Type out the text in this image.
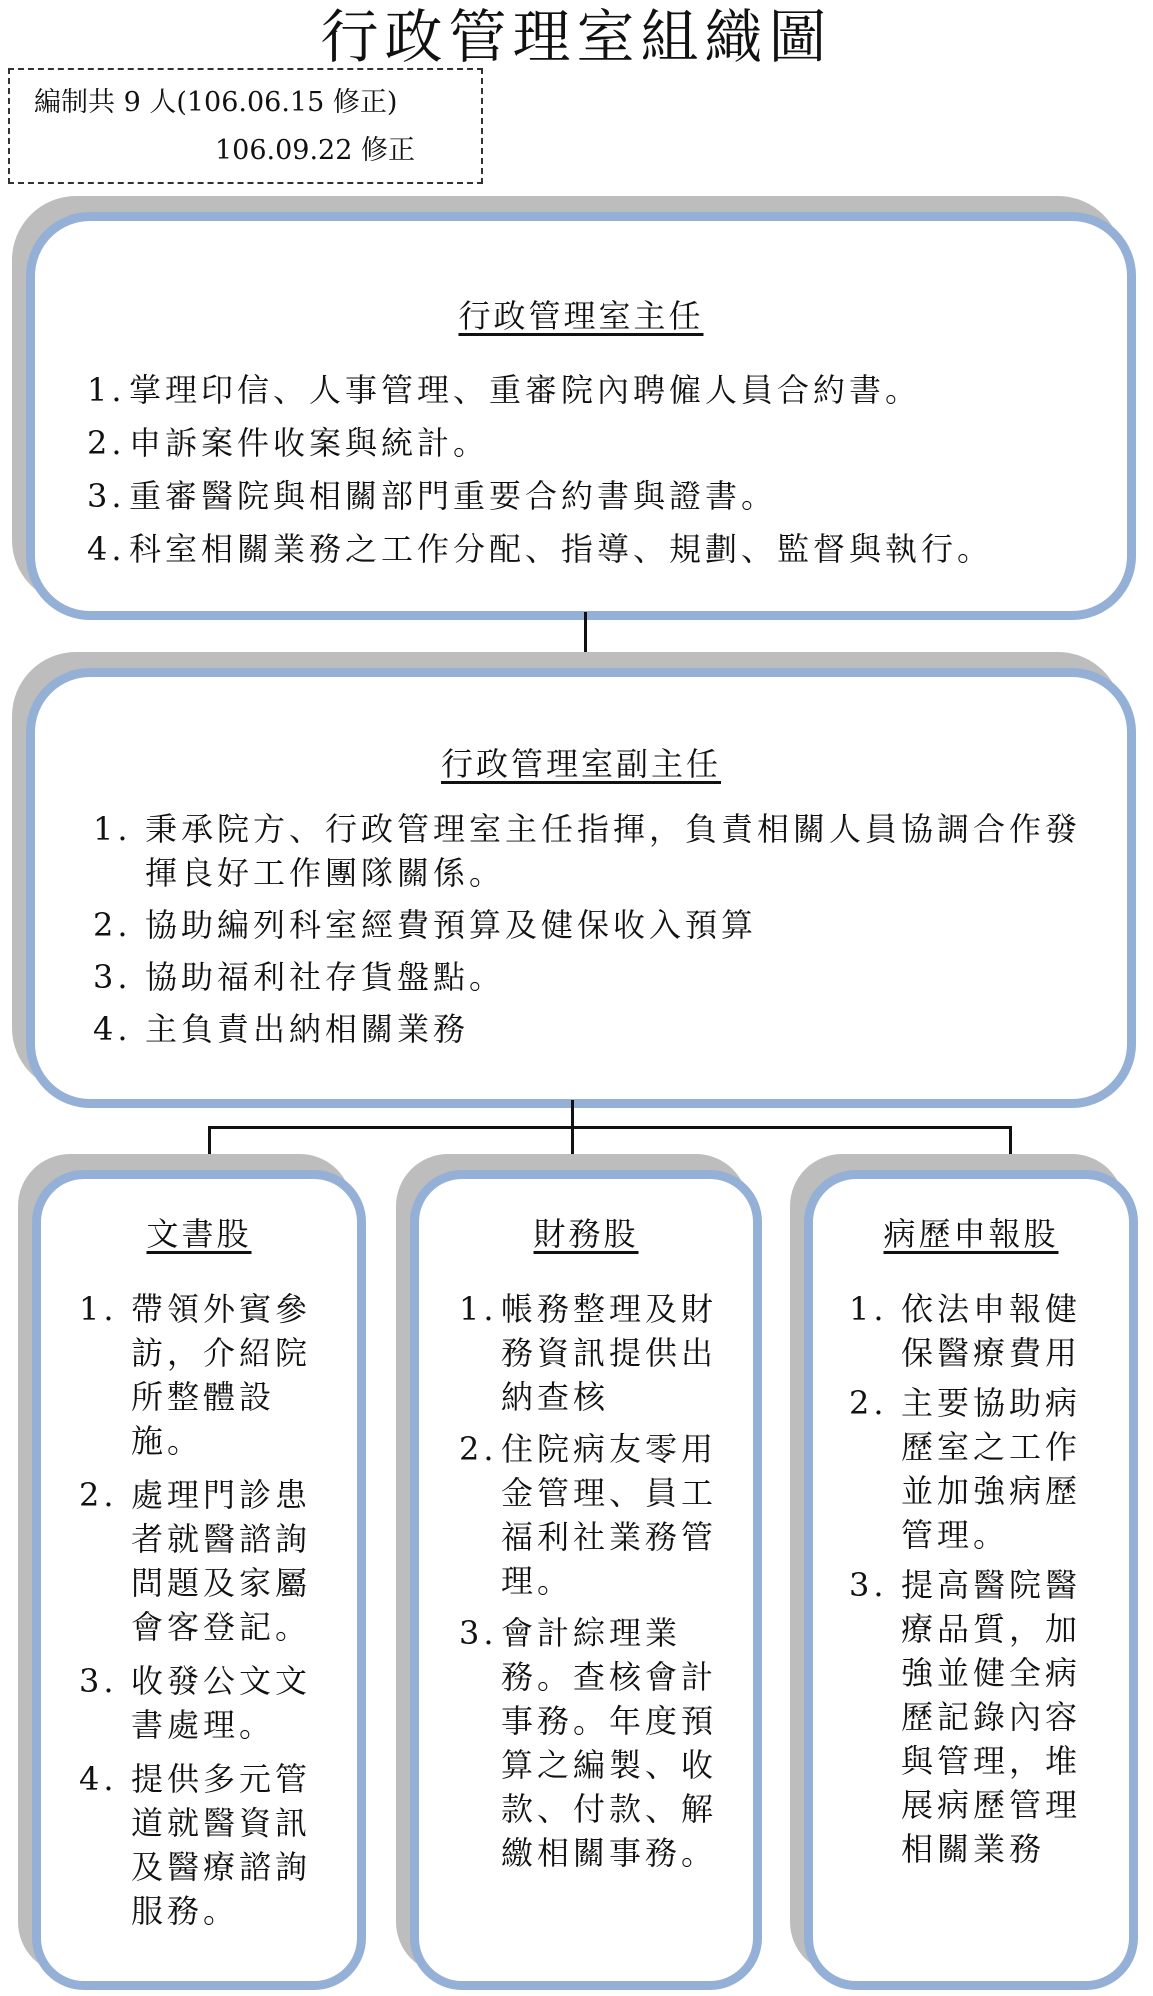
行政管理室組織圖
編制共 9 人(106.06.15 修正)
106.09.22 修正
行政管理室主任
1. 掌理印信、人事管理、重審院內聘僱人員合約書。
2. 申訴案件收案與統計。
3. 重審醫院與相關部門重要合約書與證書。
4. 科室相關業務之工作分配、指導、規劃、監督與執行。
行政管理室副主任
1. 秉承院方、行政管理室主任指揮，負責相關人員協調合作發揮良好工作團隊關係。
2. 協助編列科室經費預算及健保收入預算
3. 協助福利社存貨盤點。
4. 主負責出納相關業務
文書股
1. 帶領外賓參訪，介紹院所整體設施。
2. 處理門診患者就醫諮詢問題及家屬會客登記。
3. 收發公文文書處理。
4. 提供多元管道就醫資訊及醫療諮詢服務。
財務股
1. 帳務整理及財務資訊提供出納查核
2. 住院病友零用金管理、員工福利社業務管理。
3. 會計綜理業務。查核會計事務。年度預算之編製、收款、付款、解繳相關事務。
病歷申報股
1. 依法申報健保醫療費用
2. 主要協助病歷室之工作並加強病歷管理。
3. 提高醫院醫療品質，加強並健全病歷記錄內容與管理，堆展病歷管理相關業務
